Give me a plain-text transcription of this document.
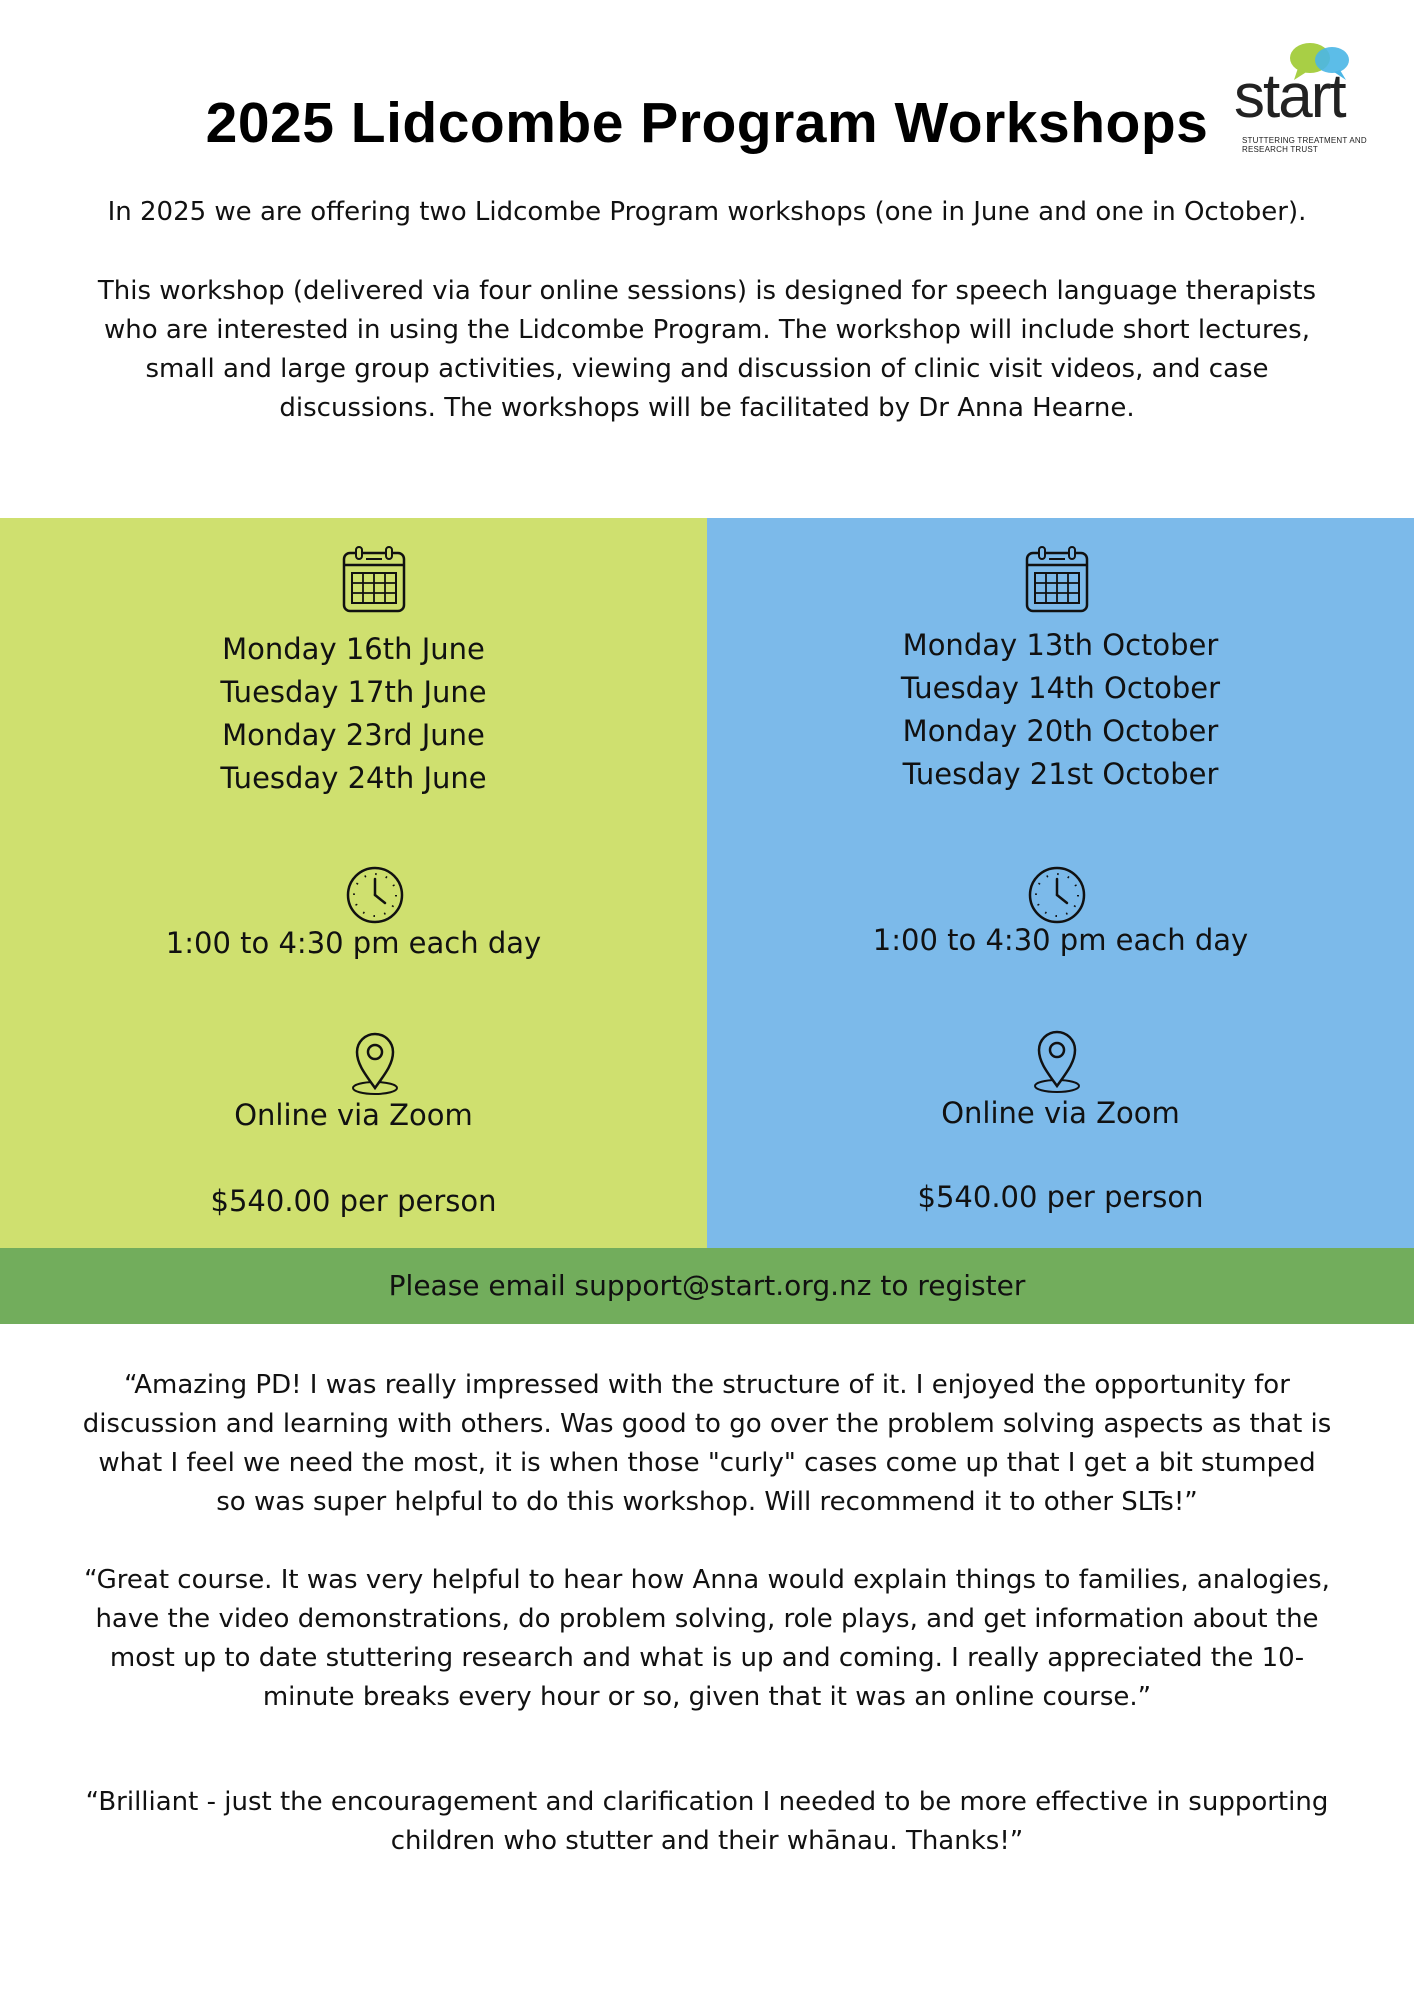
2025 Lidcombe Program Workshops start
STUTTERING TREATMENT AND RESEARCH TRUST

In 2025 we are offering two Lidcombe Program workshops (one in June and one in October).

This workshop (delivered via four online sessions) is designed for speech language therapists who are interested in using the Lidcombe Program. The workshop will include short lectures, small and large group activities, viewing and discussion of clinic visit videos, and case discussions. The workshops will be facilitated by Dr Anna Hearne.

Monday 16th June
Tuesday 17th June
Monday 23rd June
Tuesday 24th June
1:00 to 4:30 pm each day
Online via Zoom
$540.00 per person
Monday 13th October
Tuesday 14th October
Monday 20th October
Tuesday 21st October
1:00 to 4:30 pm each day
Online via Zoom
$540.00 per person
Please email support@start.org.nz to register

“Amazing PD! I was really impressed with the structure of it. I enjoyed the opportunity for discussion and learning with others. Was good to go over the problem solving aspects as that is what I feel we need the most, it is when those "curly" cases come up that I get a bit stumped so was super helpful to do this workshop. Will recommend it to other SLTs!”

“Great course. It was very helpful to hear how Anna would explain things to families, analogies, have the video demonstrations, do problem solving, role plays, and get information about the most up to date stuttering research and what is up and coming. I really appreciated the 10-minute breaks every hour or so, given that it was an online course.”

“Brilliant - just the encouragement and clarification I needed to be more effective in supporting children who stutter and their whānau. Thanks!”
